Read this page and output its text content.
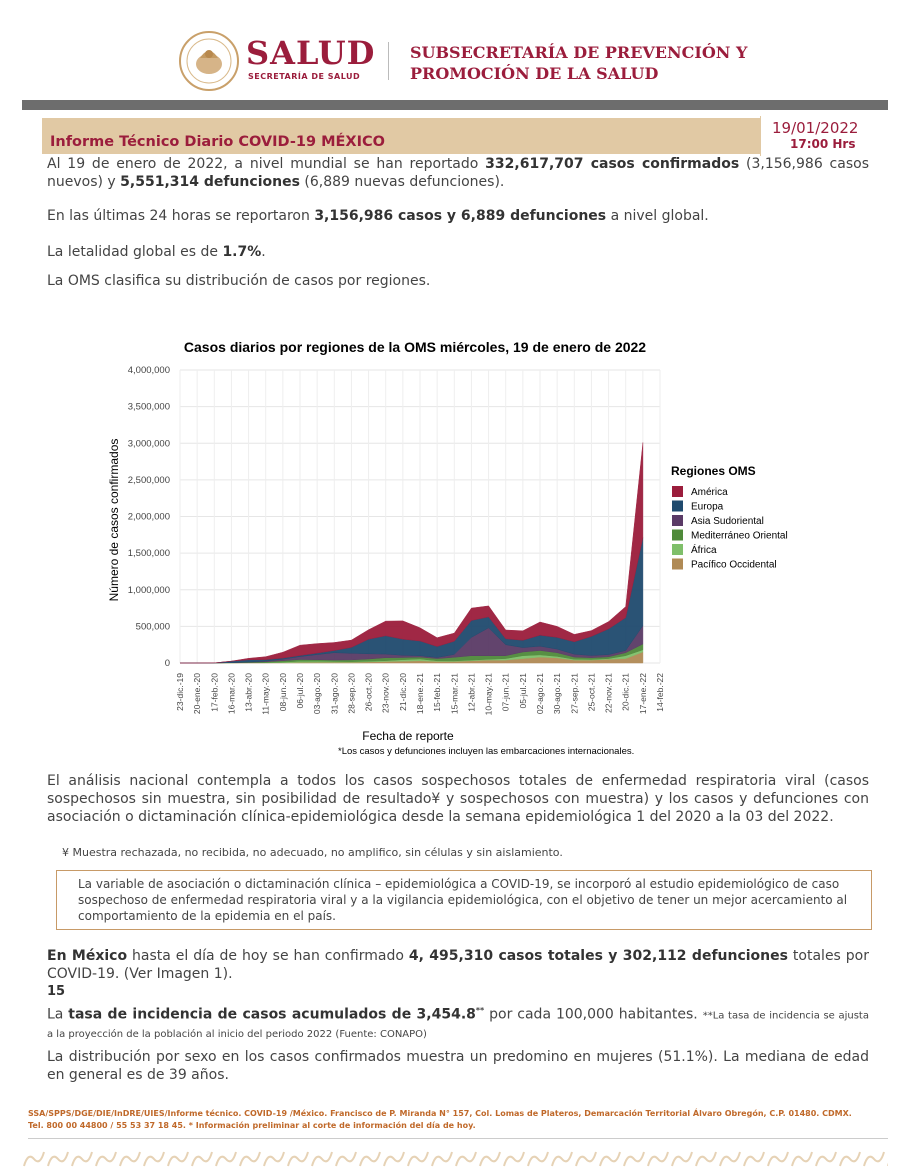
SALUD
SECRETARÍA DE SALUD
SUBSECRETARÍA DE PREVENCIÓN Y
PROMOCIÓN DE LA SALUD
Informe Técnico Diario COVID-19 MÉXICO
19/01/2022
17:00 Hrs
Al 19 de enero de 2022, a nivel mundial se han reportado 332,617,707 casos confirmados (3,156,986 casos nuevos) y 5,551,314 defunciones (6,889 nuevas defunciones).
En las últimas 24 horas se reportaron 3,156,986 casos y 6,889 defunciones a nivel global.
La letalidad global es de 1.7%.
La OMS clasifica su distribución de casos por regiones.
Casos diarios por regiones de la OMS miércoles, 19 de enero de 2022
0
500,000
1,000,000
1,500,000
2,000,000
2,500,000
3,000,000
3,500,000
4,000,000
23-dic.-19 20-ene.-20 17-feb.-20 16-mar.-20 13-abr.-20 11-may.-20 08-jun.-20 06-jul.-20 03-ago.-20 31-ago.-20 28-sep.-20 26-oct.-20 23-nov.-20 21-dic.-20 18-ene.-21 15-feb.-21 15-mar.-21 12-abr.-21 10-may.-21 07-jun.-21 05-jul.-21 02-ago.-21 30-ago.-21 27-sep.-21 25-oct.-21 22-nov.-21 20-dic.-21 17-ene.-22 14-feb.-22
Número de casos confirmados
Fecha de reporte
*Los casos y defunciones incluyen las embarcaciones internacionales.
Regiones OMS
América
Europa
Asia Sudoriental
Mediterráneo Oriental
África
Pacífico Occidental
El análisis nacional contempla a todos los casos sospechosos totales de enfermedad respiratoria viral (casos sospechosos sin muestra, sin posibilidad de resultado¥ y sospechosos con muestra) y los casos y defunciones con asociación o dictaminación clínica-epidemiológica desde la semana epidemiológica 1 del 2020 a la 03 del 2022.
¥ Muestra rechazada, no recibida, no adecuado, no amplifico, sin células y sin aislamiento.
La variable de asociación o dictaminación clínica – epidemiológica a COVID-19, se incorporó al estudio epidemiológico de caso sospechoso de enfermedad respiratoria viral y a la vigilancia epidemiológica, con el objetivo de tener un mejor acercamiento al comportamiento de la epidemia en el país.
En México hasta el día de hoy se han confirmado 4, 495,310 casos totales y 302,112 defunciones totales por COVID-19. (Ver Imagen 1).
15
La tasa de incidencia de casos acumulados de 3,454.8** por cada 100,000 habitantes. **La tasa de incidencia se ajusta a la proyección de la población al inicio del periodo 2022 (Fuente: CONAPO)
La distribución por sexo en los casos confirmados muestra un predomino en mujeres (51.1%). La mediana de edad en general es de 39 años.
SSA/SPPS/DGE/DIE/InDRE/UIES/Informe técnico. COVID-19 /México. Francisco de P. Miranda N° 157, Col. Lomas de Plateros, Demarcación Territorial Álvaro Obregón, C.P. 01480. CDMX.
Tel. 800 00 44800 / 55 53 37 18 45. * Información preliminar al corte de información del día de hoy.
